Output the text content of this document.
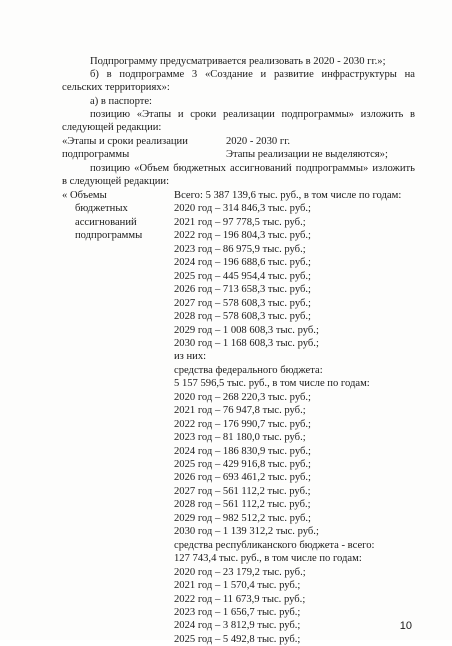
Подпрограмму предусматривается реализовать в 2020 - 2030 гг.»;
б) в подпрограмме 3 «Создание и развитие инфраструктуры на
сельских территориях»:
а) в паспорте:
позицию «Этапы и сроки реализации подпрограммы» изложить в
следующей редакции:
«Этапы и сроки реализации
подпрограммы
2020 - 2030 гг.
Этапы реализации не выделяются»;
позицию «Объем бюджетных ассигнований подпрограммы» изложить
в следующей редакции:
« Объемы
бюджетных
ассигнований
подпрограммы
Всего: 5 387 139,6 тыс. руб., в том числе по годам:
2020 год – 314 846,3 тыс. руб.;
2021 год – 97 778,5 тыс. руб.;
2022 год – 196 804,3 тыс. руб.;
2023 год – 86 975,9 тыс. руб.;
2024 год – 196 688,6 тыс. руб.;
2025 год – 445 954,4 тыс. руб.;
2026 год – 713 658,3 тыс. руб.;
2027 год – 578 608,3 тыс. руб.;
2028 год – 578 608,3 тыс. руб.;
2029 год – 1 008 608,3 тыс. руб.;
2030 год – 1 168 608,3 тыс. руб.;
из них:
средства федерального бюджета:
5 157 596,5 тыс. руб., в том числе по годам:
2020 год – 268 220,3 тыс. руб.;
2021 год – 76 947,8 тыс. руб.;
2022 год – 176 990,7 тыс. руб.;
2023 год – 81 180,0 тыс. руб.;
2024 год – 186 830,9 тыс. руб.;
2025 год – 429 916,8 тыс. руб.;
2026 год – 693 461,2 тыс. руб.;
2027 год – 561 112,2 тыс. руб.;
2028 год – 561 112,2 тыс. руб.;
2029 год – 982 512,2 тыс. руб.;
2030 год – 1 139 312,2 тыс. руб.;
средства республиканского бюджета - всего:
127 743,4 тыс. руб., в том числе по годам:
2020 год – 23 179,2 тыс. руб.;
2021 год – 1 570,4 тыс. руб.;
2022 год – 11 673,9 тыс. руб.;
2023 год – 1 656,7 тыс. руб.;
2024 год – 3 812,9 тыс. руб.;
2025 год – 5 492,8 тыс. руб.;
10
